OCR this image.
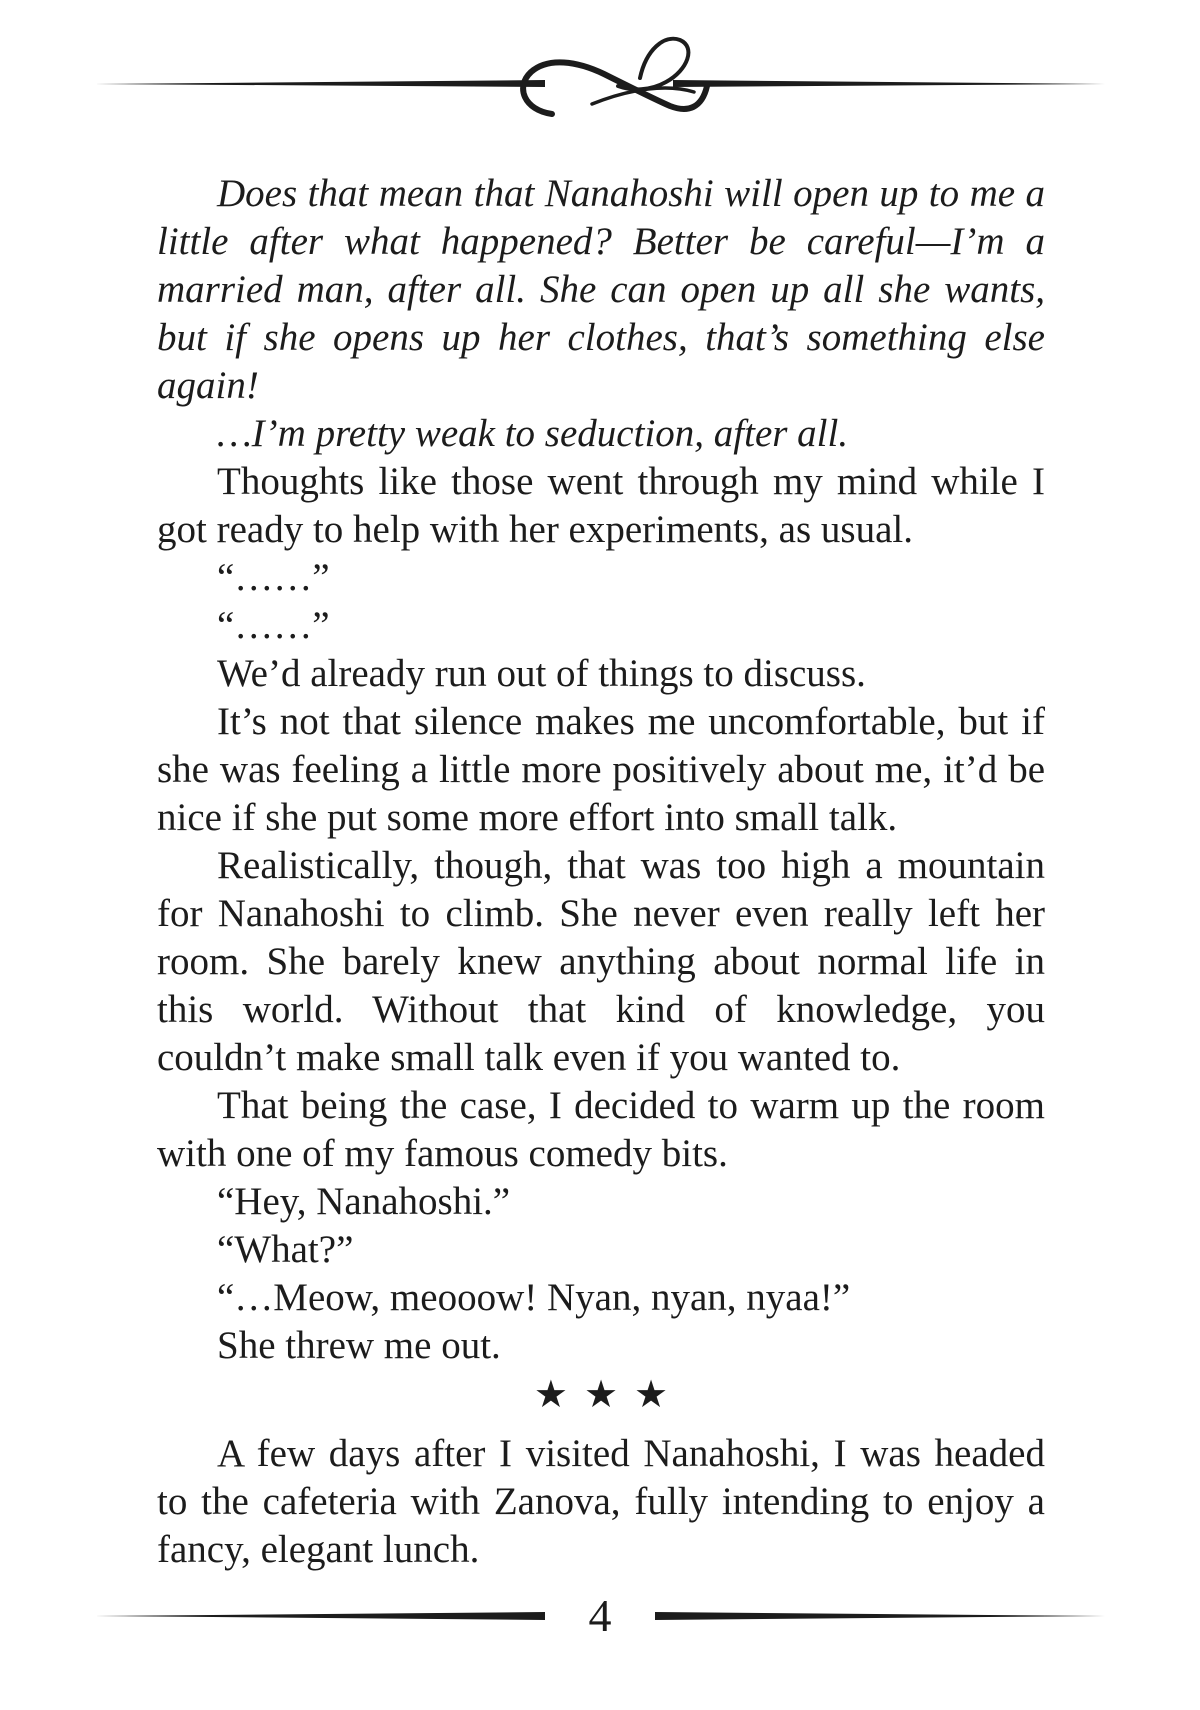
Does that mean that Nanahoshi will open up to me a little after what happened? Better be careful—I’m a married man, after all. She can open up all she wants, but if she opens up her clothes, that’s something else again!

…I’m pretty weak to seduction, after all.

Thoughts like those went through my mind while I got ready to help with her experiments, as usual.

“……”

“……”

We’d already run out of things to discuss.

It’s not that silence makes me uncomfortable, but if she was feeling a little more positively about me, it’d be nice if she put some more effort into small talk.

Realistically, though, that was too high a mountain for Nanahoshi to climb. She never even really left her room. She barely knew anything about normal life in this world. Without that kind of knowledge, you couldn’t make small talk even if you wanted to.

That being the case, I decided to warm up the room with one of my famous comedy bits.

“Hey, Nanahoshi.”

“What?”

“…Meow, meooow! Nyan, nyan, nyaa!”

She threw me out.

★★★

A few days after I visited Nanahoshi, I was headed to the cafeteria with Zanova, fully intending to enjoy a fancy, elegant lunch.

4
